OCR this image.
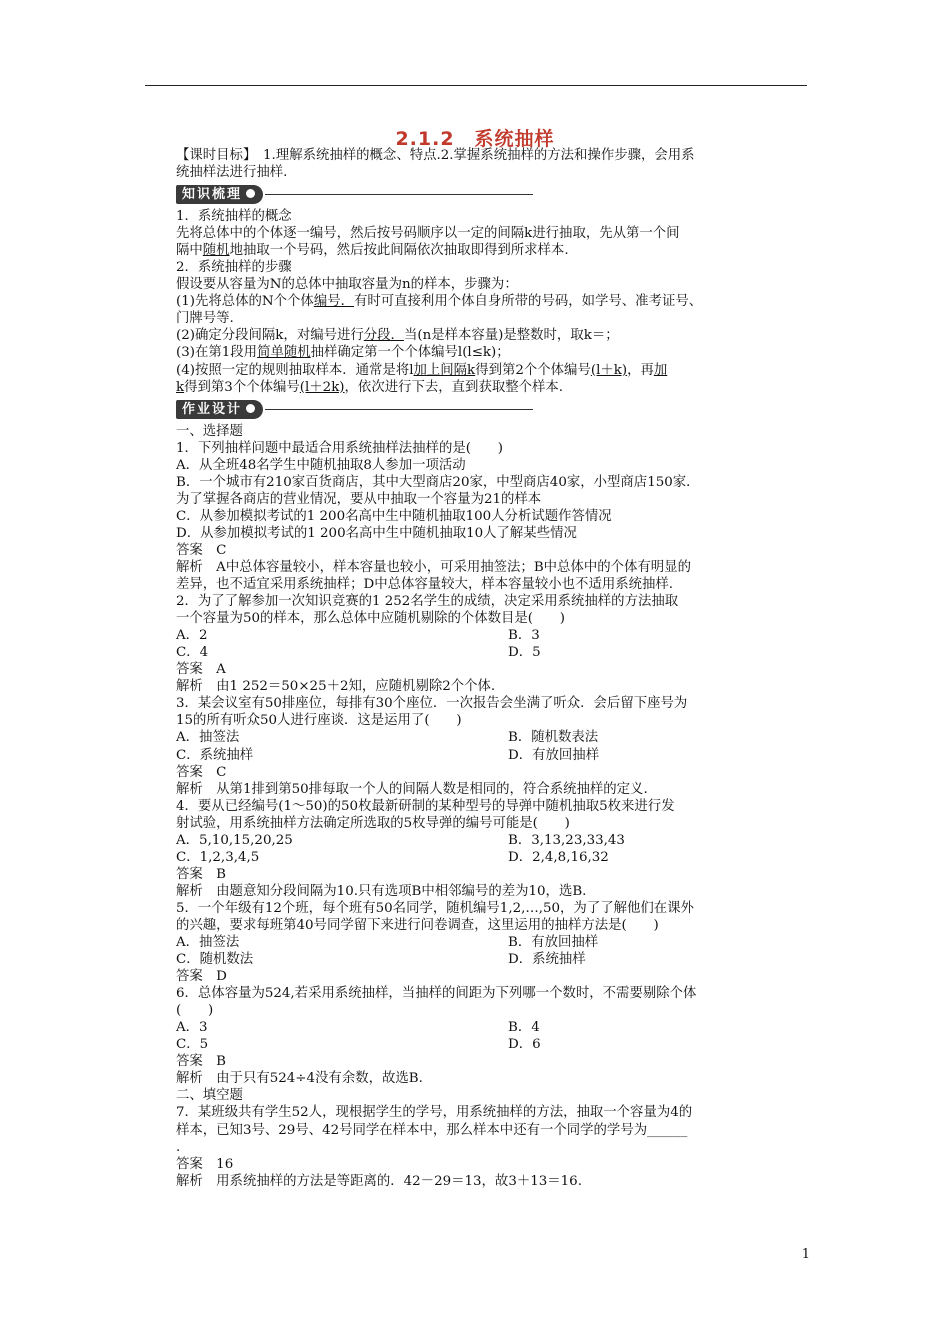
2.1.2　系统抽样
【课时目标】　1.理解系统抽样的概念、特点.2.掌握系统抽样的方法和操作步骤，会用系
统抽样法进行抽样.
知识梳理
1．系统抽样的概念
先将总体中的个体逐一编号，然后按号码顺序以一定的间隔k进行抽取，先从第一个间
隔中随机地抽取一个号码，然后按此间隔依次抽取即得到所求样本.
2．系统抽样的步骤
假设要从容量为N的总体中抽取容量为n的样本，步骤为：
(1)先将总体的N个个体编号．有时可直接利用个体自身所带的号码，如学号、准考证号、
门牌号等.
(2)确定分段间隔k，对编号进行分段．当(n是样本容量)是整数时，取k＝；
(3)在第1段用简单随机抽样确定第一个个体编号l(l≤k)；
(4)按照一定的规则抽取样本．通常是将l加上间隔k得到第2个个体编号(l＋k)，再加
k得到第3个个体编号(l＋2k)，依次进行下去，直到获取整个样本.
作业设计
一、选择题
1．下列抽样问题中最适合用系统抽样法抽样的是(　　)
A．从全班48名学生中随机抽取8人参加一项活动
B．一个城市有210家百货商店，其中大型商店20家，中型商店40家，小型商店150家．
为了掌握各商店的营业情况，要从中抽取一个容量为21的样本
C．从参加模拟考试的1 200名高中生中随机抽取100人分析试题作答情况
D．从参加模拟考试的1 200名高中生中随机抽取10人了解某些情况
答案　C
解析　A中总体容量较小，样本容量也较小，可采用抽签法；B中总体中的个体有明显的
差异，也不适宜采用系统抽样；D中总体容量较大，样本容量较小也不适用系统抽样.
2．为了了解参加一次知识竞赛的1 252名学生的成绩，决定采用系统抽样的方法抽取
一个容量为50的样本，那么总体中应随机剔除的个体数目是(　　)
A．2	B．3
C．4	D．5
答案　A
解析　由1 252＝50×25＋2知，应随机剔除2个个体.
3．某会议室有50排座位，每排有30个座位．一次报告会坐满了听众．会后留下座号为
15的所有听众50人进行座谈．这是运用了(　　)
A．抽签法	B．随机数表法
C．系统抽样	D．有放回抽样
答案　C
解析　从第1排到第50排每取一个人的间隔人数是相同的，符合系统抽样的定义.
4．要从已经编号(1～50)的50枚最新研制的某种型号的导弹中随机抽取5枚来进行发
射试验，用系统抽样方法确定所选取的5枚导弹的编号可能是(　　)
A．5,10,15,20,25	B．3,13,23,33,43
C．1,2,3,4,5	D．2,4,8,16,32
答案　B
解析　由题意知分段间隔为10.只有选项B中相邻编号的差为10，选B.
5．一个年级有12个班，每个班有50名同学，随机编号1,2,…,50，为了了解他们在课外
的兴趣，要求每班第40号同学留下来进行问卷调查，这里运用的抽样方法是(　　)
A．抽签法	B．有放回抽样
C．随机数法	D．系统抽样
答案　D
6．总体容量为524,若采用系统抽样，当抽样的间距为下列哪一个数时，不需要剔除个体
(　　)
A．3	B．4
C．5	D．6
答案　B
解析　由于只有524÷4没有余数，故选B.
二、填空题
7．某班级共有学生52人，现根据学生的学号，用系统抽样的方法，抽取一个容量为4的
样本，已知3号、29号、42号同学在样本中，那么样本中还有一个同学的学号为______
.
答案　16
解析　用系统抽样的方法是等距离的．42－29＝13，故3＋13＝16.
1
